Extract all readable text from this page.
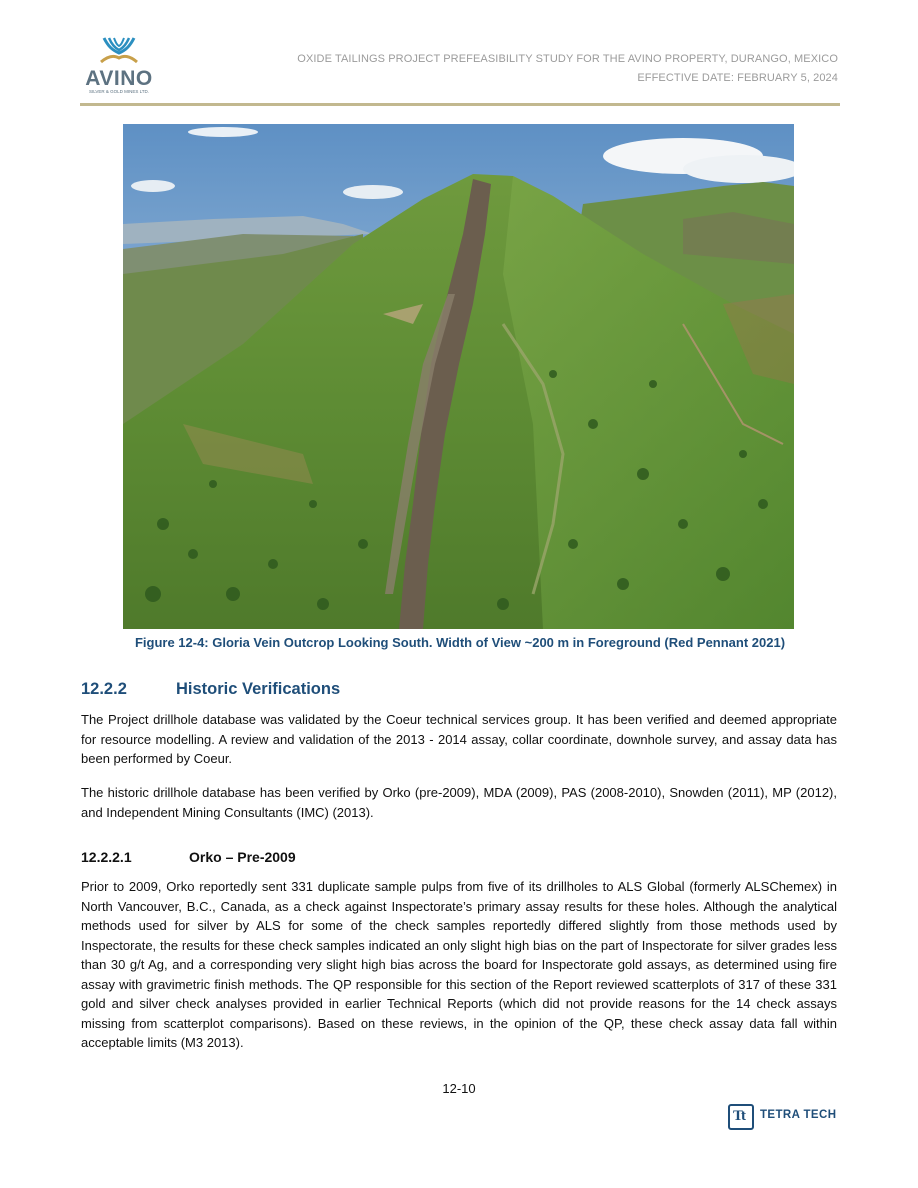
AVINO
SILVER & GOLD MINES LTD.
OXIDE TAILINGS PROJECT PREFEASIBILITY STUDY FOR THE AVINO PROPERTY, DURANGO, MEXICO
EFFECTIVE DATE: FEBRUARY 5, 2024
Figure 12-4: Gloria Vein Outcrop Looking South. Width of View ~200 m in Foreground (Red Pennant 2021)
12.2.2	Historic Verifications

The Project drillhole database was validated by the Coeur technical services group. It has been verified and deemed appropriate for resource modelling. A review and validation of the 2013 - 2014 assay, collar coordinate, downhole survey, and assay data has been performed by Coeur.

The historic drillhole database has been verified by Orko (pre-2009), MDA (2009), PAS (2008-2010), Snowden (2011), MP (2012), and Independent Mining Consultants (IMC) (2013).

12.2.2.1	Orko – Pre-2009

Prior to 2009, Orko reportedly sent 331 duplicate sample pulps from five of its drillholes to ALS Global (formerly ALSChemex) in North Vancouver, B.C., Canada, as a check against Inspectorate’s primary assay results for these holes. Although the analytical methods used for silver by ALS for some of the check samples reportedly differed slightly from those methods used by Inspectorate, the results for these check samples indicated an only slight high bias on the part of Inspectorate for silver grades less than 30 g/t Ag, and a corresponding very slight high bias across the board for Inspectorate gold assays, as determined using fire assay with gravimetric finish methods. The QP responsible for this section of the Report reviewed scatterplots of 317 of these 331 gold and silver check analyses provided in earlier Technical Reports (which did not provide reasons for the 14 check assays missing from scatterplot comparisons). Based on these reviews, in the opinion of the QP, these check assay data fall within acceptable limits (M3 2013).

12-10
Tt TETRA TECH
